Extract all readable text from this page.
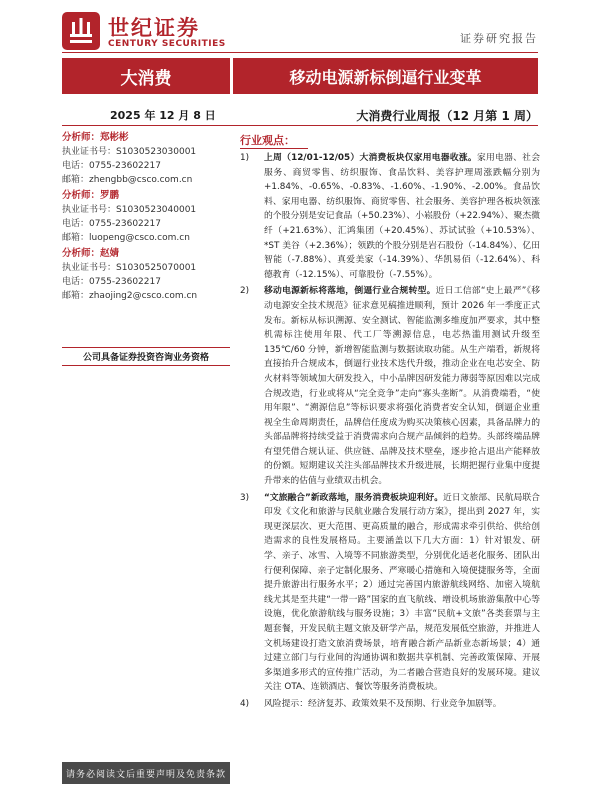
世纪证券
CENTURY SECURITIES	证券研究报告
大消费	移动电源新标倒逼行业变革
2025 年 12 月 8 日	大消费行业周报（12 月第 1 周）
分析师：郑彬彬
执业证书号：S1030523030001
电话：0755-23602217
邮箱：zhengbb@csco.com.cn
分析师：罗鹏
执业证书号：S1030523040001
电话：0755-23602217
邮箱：luopeng@csco.com.cn
分析师：赵婧
执业证书号：S1030525070001
电话：0755-23602217
邮箱：zhaojing2@csco.com.cn
公司具备证券投资咨询业务资格
请务必阅读文后重要声明及免责条款
行业观点：
1) 上周（12/01-12/05）大消费板块仅家用电器收涨。家用电器、社会服务、商贸零售、纺织服饰、食品饮料、美容护理周涨跌幅分别为+1.84%、-0.65%、-0.83%、-1.60%、-1.90%、-2.00%。食品饮料、家用电器、纺织服饰、商贸零售、社会服务、美容护理各板块领涨的个股分别是安记食品（+50.23%）、小崧股份（+22.94%）、聚杰微纤（+21.63%）、汇鸿集团（+20.45%）、苏试试验（+10.53%）、*ST 美谷（+2.36%）；领跌的个股分别是岩石股份（-14.84%）、亿田智能（-7.88%）、真爱美家（-14.39%）、华凯易佰（-12.64%）、科德教育（-12.15%）、可靠股份（-7.55%）。
2) 移动电源新标将落地，倒逼行业合规转型。近日工信部“史上最严”《移动电源安全技术规范》征求意见稿推进顺利，预计 2026 年一季度正式发布。新标从标识溯源、安全测试、智能监测多维度加严要求，其中整机需标注使用年限、代工厂等溯源信息，电芯热滥用测试升级至 135℃/60 分钟，新增智能监测与数据读取功能。从生产端看，新规将直接抬升合规成本，倒逼行业技术迭代升级，推动企业在电芯安全、防火材料等领域加大研发投入，中小品牌因研发能力薄弱等原因难以完成合规改造，行业或将从“完全竞争”走向“寡头垄断”。从消费端看，“使用年限”、“溯源信息”等标识要求将强化消费者安全认知，倒逼企业重视全生命周期责任，品牌信任度成为购买决策核心因素，具备品牌力的头部品牌将持续受益于消费需求向合规产品倾斜的趋势。头部终端品牌有望凭借合规认证、供应链、品牌及技术壁垒，逐步抢占退出产能释放的份额。短期建议关注头部品牌技术升级进展，长期把握行业集中度提升带来的估值与业绩双击机会。
3) “文旅融合”新政落地，服务消费板块迎利好。近日文旅部、民航局联合印发《文化和旅游与民航业融合发展行动方案》，提出到 2027 年，实现更深层次、更大范围、更高质量的融合，形成需求牵引供给、供给创造需求的良性发展格局。主要涵盖以下几大方面：1）针对银发、研学、亲子、冰雪、入境等不同旅游类型，分别优化适老化服务、团队出行便利保障、亲子定制化服务、严寒暖心措施和入境便捷服务等，全面提升旅游出行服务水平；2）通过完善国内旅游航线网络、加密入境航线尤其是至共建“一带一路”国家的直飞航线、增设机场旅游集散中心等设施，优化旅游航线与服务设施；3）丰富“民航+文旅”各类套票与主题套餐，开发民航主题文旅及研学产品，规范发展低空旅游，并推进人文机场建设打造文旅消费场景，培育融合新产品新业态新场景；4）通过建立部门与行业间的沟通协调和数据共享机制、完善政策保障、开展多渠道多形式的宣传推广活动，为二者融合营造良好的发展环境。建议关注 OTA、连锁酒店、餐饮等服务消费板块。
4) 风险提示：经济复苏、政策效果不及预期、行业竞争加剧等。
